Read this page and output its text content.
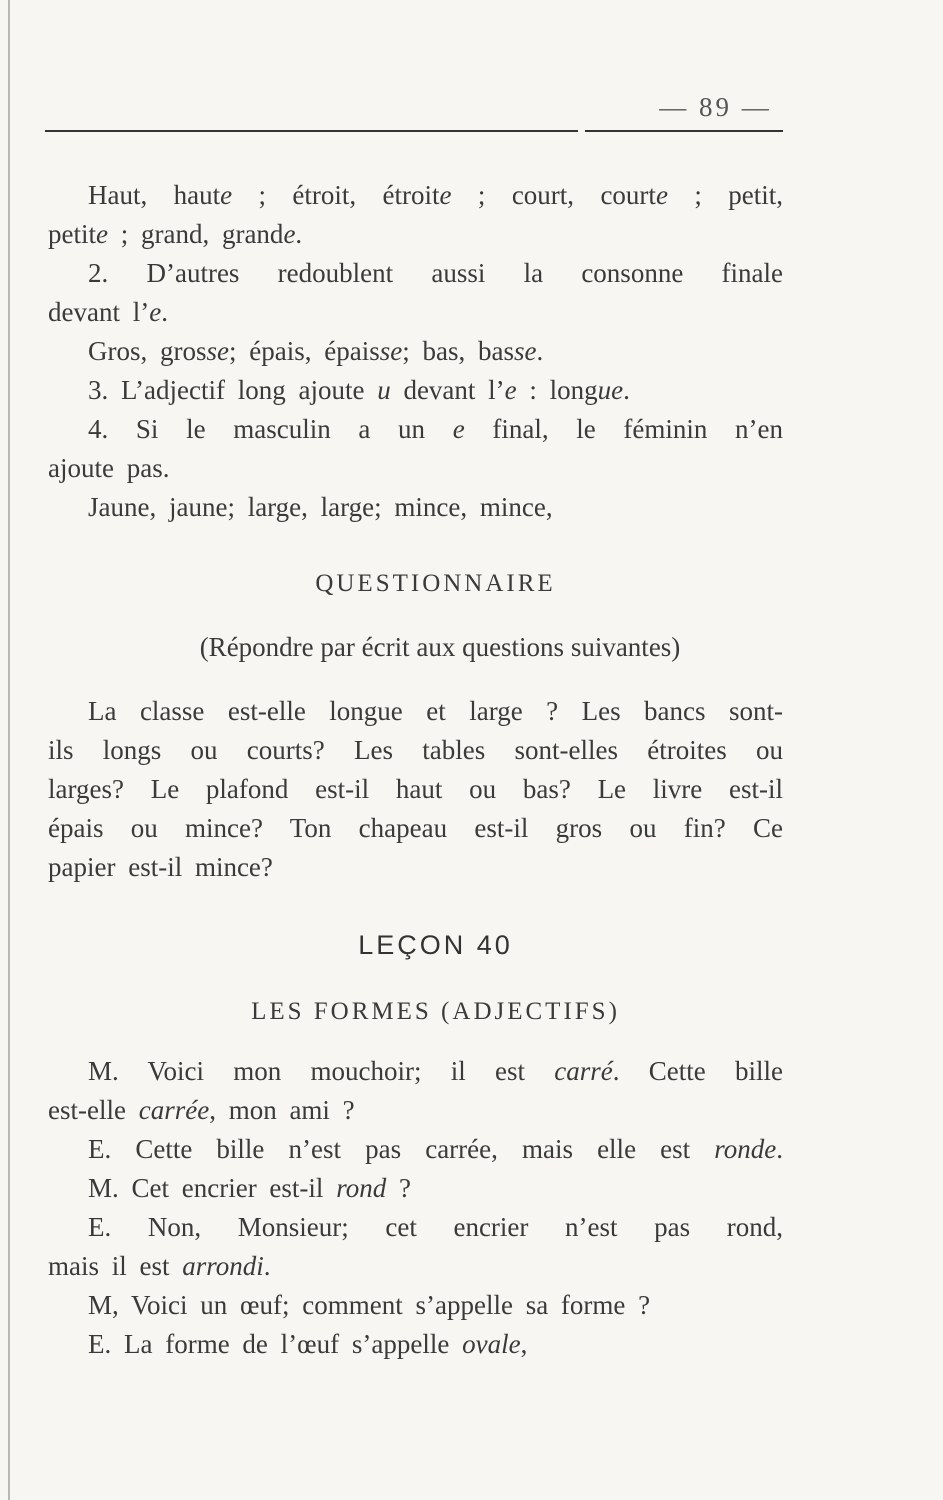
— 89 —
Haut, haute ; étroit, étroite ; court, courte ; petit,
petite ; grand, grande.
2. D’autres redoublent aussi la consonne finale
devant l’e.
Gros, grosse; épais, épaisse; bas, basse.
3. L’adjectif long ajoute u devant l’e : longue.
4. Si le masculin a un e final, le féminin n’en
ajoute pas.
Jaune, jaune; large, large; mince, mince,
QUESTIONNAIRE
(Répondre par écrit aux questions suivantes)
La classe est-elle longue et large ? Les bancs sont-
ils longs ou courts? Les tables sont-elles étroites ou
larges? Le plafond est-il haut ou bas? Le livre est-il
épais ou mince? Ton chapeau est-il gros ou fin? Ce
papier est-il mince?
LEÇON 40
LES FORMES (ADJECTIFS)
M. Voici mon mouchoir; il est carré. Cette bille
est-elle carrée, mon ami ?
E. Cette bille n’est pas carrée, mais elle est ronde.
M. Cet encrier est-il rond ?
E. Non, Monsieur; cet encrier n’est pas rond,
mais il est arrondi.
M, Voici un œuf; comment s’appelle sa forme ?
E. La forme de l’œuf s’appelle ovale,
